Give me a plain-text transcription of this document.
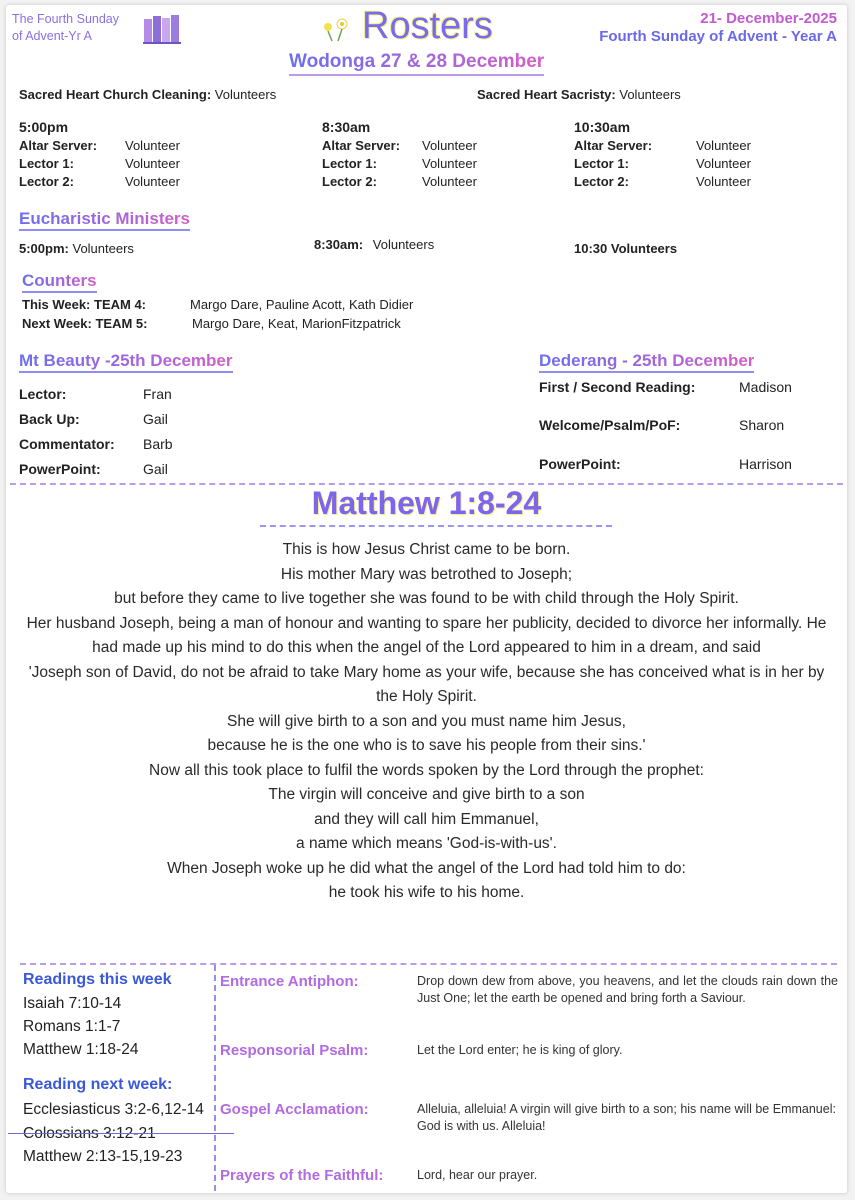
The Fourth Sunday
of Advent-Yr A	Rosters	21- December-2025
Fourth Sunday of Advent - Year A
Wodonga 27 & 28 December
Sacred Heart Church Cleaning: Volunteers	Sacred Heart Sacristy: Volunteers
5:00pm
Altar Server: Volunteer
Lector 1:	Volunteer
Lector 2:	Volunteer
8:30am
Altar Server: Volunteer
Lector 1:	Volunteer
Lector 2:	Volunteer
10:30am
Altar Server:	Volunteer
Lector 1:	Volunteer
Lector 2:	Volunteer
Eucharistic Ministers
5:00pm: Volunteers	8:30am: Volunteers	10:30 Volunteers
Counters
This Week: TEAM 4:	Margo Dare, Pauline Acott, Kath Didier
Next Week: TEAM 5:	Margo Dare, Keat, MarionFitzpatrick
Mt Beauty -25th December
Lector:	Fran
Back Up:	Gail
Commentator: Barb
PowerPoint:	Gail
Dederang - 25th December
First / Second Reading:	Madison
Welcome/Psalm/PoF:	Sharon
PowerPoint:	Harrison
Matthew 1:8-24
This is how Jesus Christ came to be born.
His mother Mary was betrothed to Joseph;
but before they came to live together she was found to be with child through the Holy Spirit.
Her husband Joseph, being a man of honour and wanting to spare her publicity, decided to divorce her informally. He had made up his mind to do this when the angel of the Lord appeared to him in a dream, and said
'Joseph son of David, do not be afraid to take Mary home as your wife, because she has conceived what is in her by the Holy Spirit.
She will give birth to a son and you must name him Jesus,
because he is the one who is to save his people from their sins.'
Now all this took place to fulfil the words spoken by the Lord through the prophet:
The virgin will conceive and give birth to a son
and they will call him Emmanuel,
a name which means 'God-is-with-us'.
When Joseph woke up he did what the angel of the Lord had told him to do:
he took his wife to his home.
Readings this week
Isaiah 7:10-14
Romans 1:1-7
Matthew 1:18-24
Reading next week:
Ecclesiasticus 3:2-6,12-14
Colossians 3:12-21
Matthew 2:13-15,19-23
Entrance Antiphon:	Drop down dew from above, you heavens, and let the clouds rain down the Just One; let the earth be opened and bring forth a Saviour.
Responsorial Psalm:	Let the Lord enter; he is king of glory.
Gospel Acclamation:	Alleluia, alleluia! A virgin will give birth to a son; his name will be Emmanuel: God is with us. Alleluia!
Prayers of the Faithful:	Lord, hear our prayer.
